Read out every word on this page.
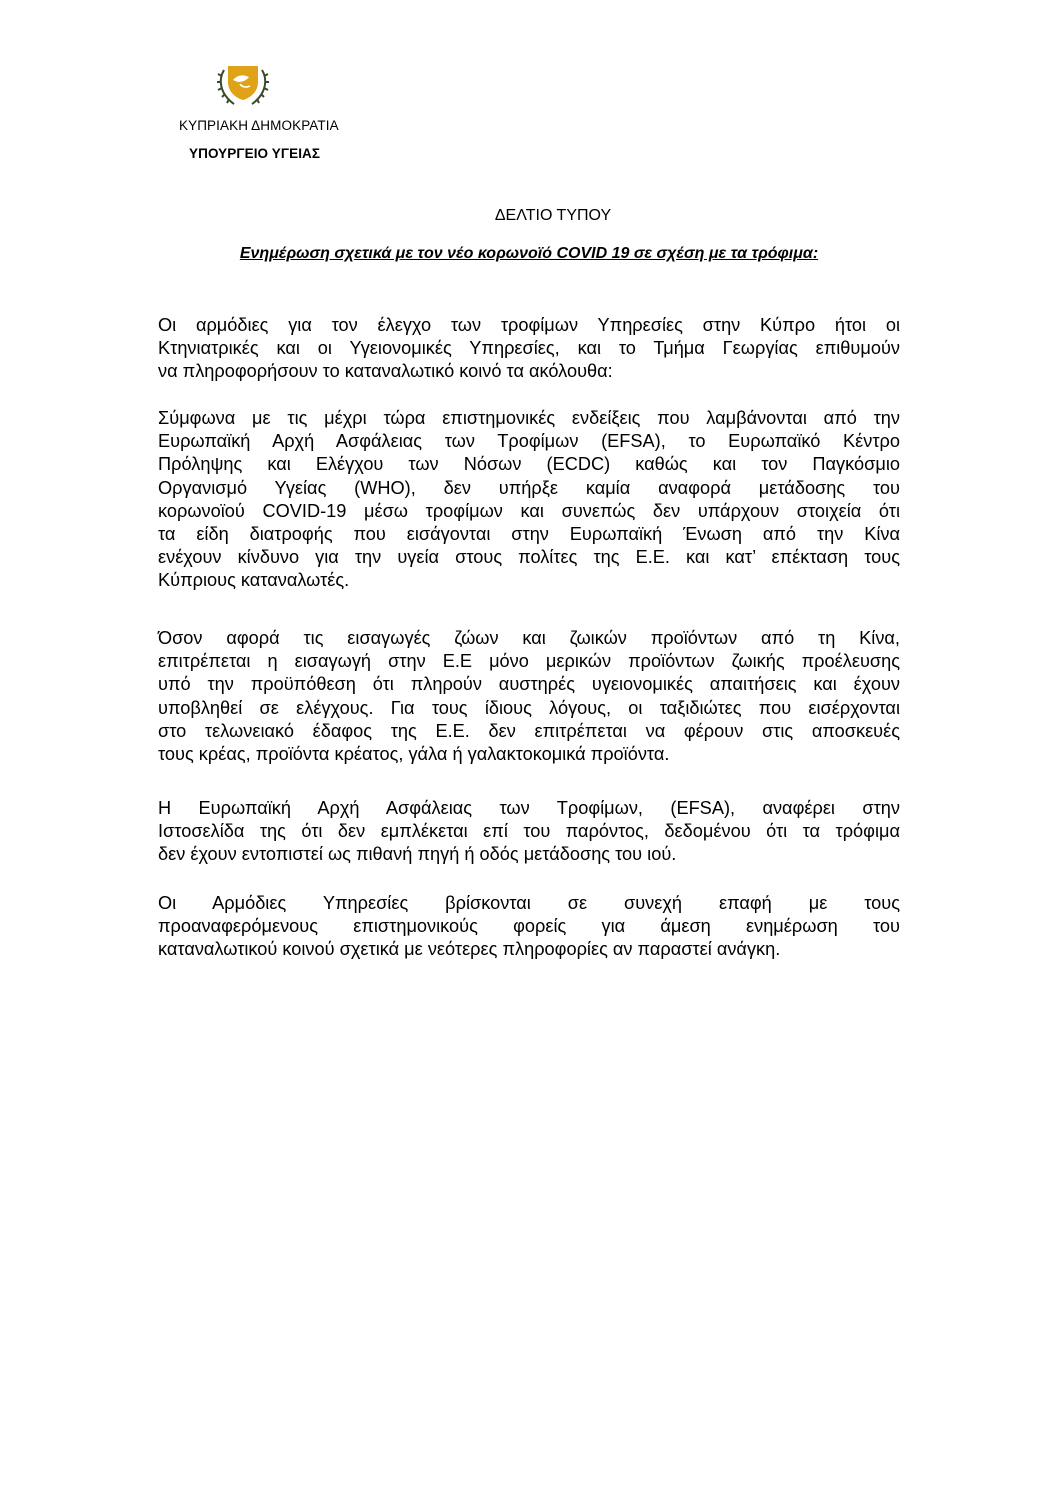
ΚΥΠΡΙΑΚΗ ΔΗΜΟΚΡΑΤΙΑ
ΥΠΟΥΡΓΕΙΟ ΥΓΕΙΑΣ
ΔΕΛΤΙΟ ΤΥΠΟΥ
Ενημέρωση σχετικά με τον νέο κορωνοϊό COVID 19 σε σχέση με τα τρόφιμα:

Οι αρμόδιες για τον έλεγχο των τροφίμων Υπηρεσίες στην Κύπρο ήτοι οι

Κτηνιατρικές και οι Υγειονομικές Υπηρεσίες, και το Τμήμα Γεωργίας επιθυμούν

να πληροφορήσουν το καταναλωτικό κοινό τα ακόλουθα:

Σύμφωνα με τις μέχρι τώρα επιστημονικές ενδείξεις που λαμβάνονται από την

Ευρωπαϊκή Αρχή Ασφάλειας των Τροφίμων (EFSA), το Ευρωπαϊκό Κέντρο

Πρόληψης και Ελέγχου των Νόσων (ECDC) καθώς και τον Παγκόσμιο

Οργανισμό Υγείας (WHO), δεν υπήρξε καμία αναφορά μετάδοσης του

κορωνοϊού COVID-19 μέσω τροφίμων και συνεπώς δεν υπάρχουν στοιχεία ότι

τα είδη διατροφής που εισάγονται στην Ευρωπαϊκή Ένωση από την Κίνα

ενέχουν κίνδυνο για την υγεία στους πολίτες της Ε.Ε. και κατ’ επέκταση τους

Κύπριους καταναλωτές.

Όσον αφορά τις εισαγωγές ζώων και ζωικών προϊόντων από τη Κίνα,

επιτρέπεται η εισαγωγή στην Ε.Ε μόνο μερικών προϊόντων ζωικής προέλευσης

υπό την προϋπόθεση ότι πληρούν αυστηρές υγειονομικές απαιτήσεις και έχουν

υποβληθεί σε ελέγχους. Για τους ίδιους λόγους, οι ταξιδιώτες που εισέρχονται

στο τελωνειακό έδαφος της Ε.Ε. δεν επιτρέπεται να φέρουν στις αποσκευές

τους κρέας, προϊόντα κρέατος, γάλα ή γαλακτοκομικά προϊόντα.

Η Ευρωπαϊκή Αρχή Ασφάλειας των Τροφίμων, (EFSA), αναφέρει στην

Ιστοσελίδα της ότι δεν εμπλέκεται επί του παρόντος, δεδομένου ότι τα τρόφιμα

δεν έχουν εντοπιστεί ως πιθανή πηγή ή οδός μετάδοσης του ιού.

Οι Αρμόδιες Υπηρεσίες βρίσκονται σε συνεχή επαφή με τους

προαναφερόμενους επιστημονικούς φορείς για άμεση ενημέρωση του

καταναλωτικού κοινού σχετικά με νεότερες πληροφορίες αν παραστεί ανάγκη.
